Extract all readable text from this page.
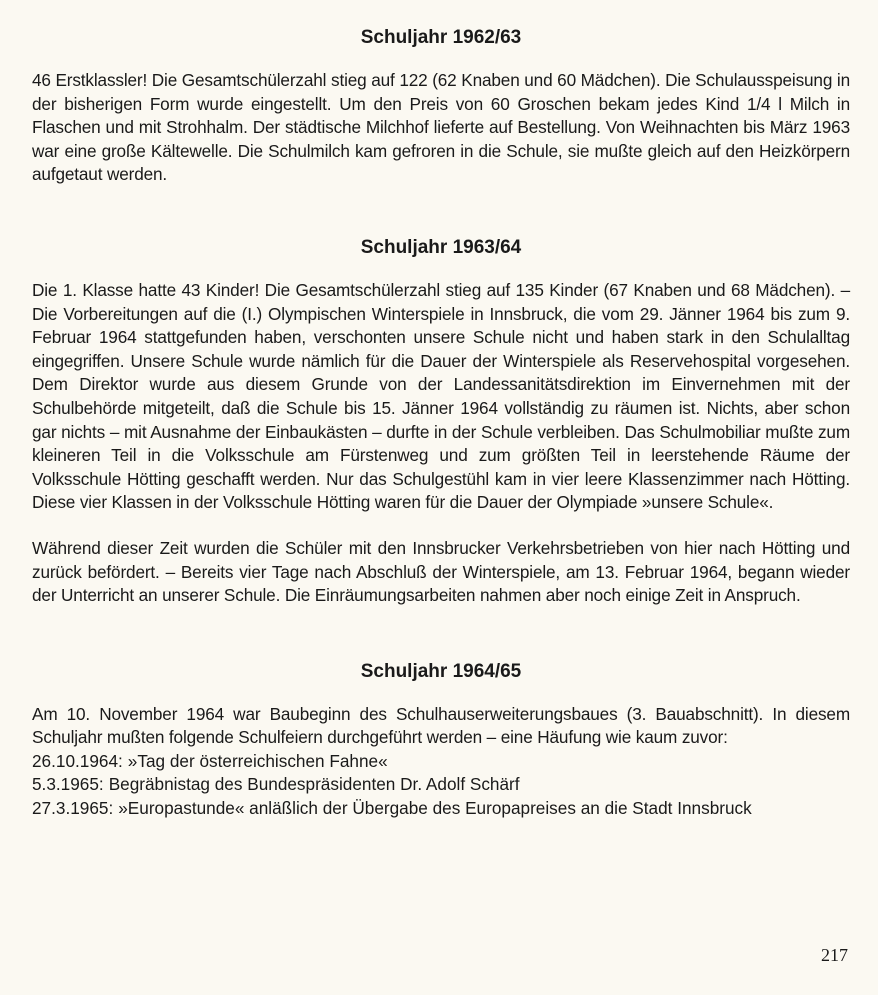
Schuljahr 1962/63

46 Erstklassler! Die Gesamtschülerzahl stieg auf 122 (62 Knaben und 60 Mädchen). Die Schulausspeisung in der bisherigen Form wurde eingestellt. Um den Preis von 60 Groschen bekam jedes Kind 1/4 l Milch in Flaschen und mit Strohhalm. Der städtische Milchhof lieferte auf Bestellung. Von Weihnachten bis März 1963 war eine große Kältewelle. Die Schulmilch kam gefroren in die Schule, sie mußte gleich auf den Heizkörpern aufgetaut werden.

Schuljahr 1963/64

Die 1. Klasse hatte 43 Kinder! Die Gesamtschülerzahl stieg auf 135 Kinder (67 Knaben und 68 Mädchen). – Die Vorbereitungen auf die (I.) Olympischen Winterspiele in Innsbruck, die vom 29. Jänner 1964 bis zum 9. Februar 1964 stattgefunden haben, verschonten unsere Schule nicht und haben stark in den Schulalltag eingegriffen. Unsere Schule wurde nämlich für die Dauer der Winterspiele als Reservehospital vorgesehen. Dem Direktor wurde aus diesem Grunde von der Landessanitätsdirektion im Einvernehmen mit der Schulbehörde mitgeteilt, daß die Schule bis 15. Jänner 1964 vollständig zu räumen ist. Nichts, aber schon gar nichts – mit Ausnahme der Einbaukästen – durfte in der Schule verbleiben. Das Schulmobiliar mußte zum kleineren Teil in die Volksschule am Fürstenweg und zum größten Teil in leerstehende Räume der Volksschule Hötting geschafft werden. Nur das Schulgestühl kam in vier leere Klassenzimmer nach Hötting. Diese vier Klassen in der Volksschule Hötting waren für die Dauer der Olympiade »unsere Schule«.

Während dieser Zeit wurden die Schüler mit den Innsbrucker Verkehrsbetrieben von hier nach Hötting und zurück befördert. – Bereits vier Tage nach Abschluß der Winterspiele, am 13. Februar 1964, begann wieder der Unterricht an unserer Schule. Die Einräumungsarbeiten nahmen aber noch einige Zeit in Anspruch.

Schuljahr 1964/65

Am 10. November 1964 war Baubeginn des Schulhauserweiterungsbaues (3. Bauabschnitt). In diesem Schuljahr mußten folgende Schulfeiern durchgeführt werden – eine Häufung wie kaum zuvor:

26.10.1964: »Tag der österreichischen Fahne«
5.3.1965: Begräbnistag des Bundespräsidenten Dr. Adolf Schärf
27.3.1965: »Europastunde« anläßlich der Übergabe des Europapreises an die Stadt Innsbruck
217
